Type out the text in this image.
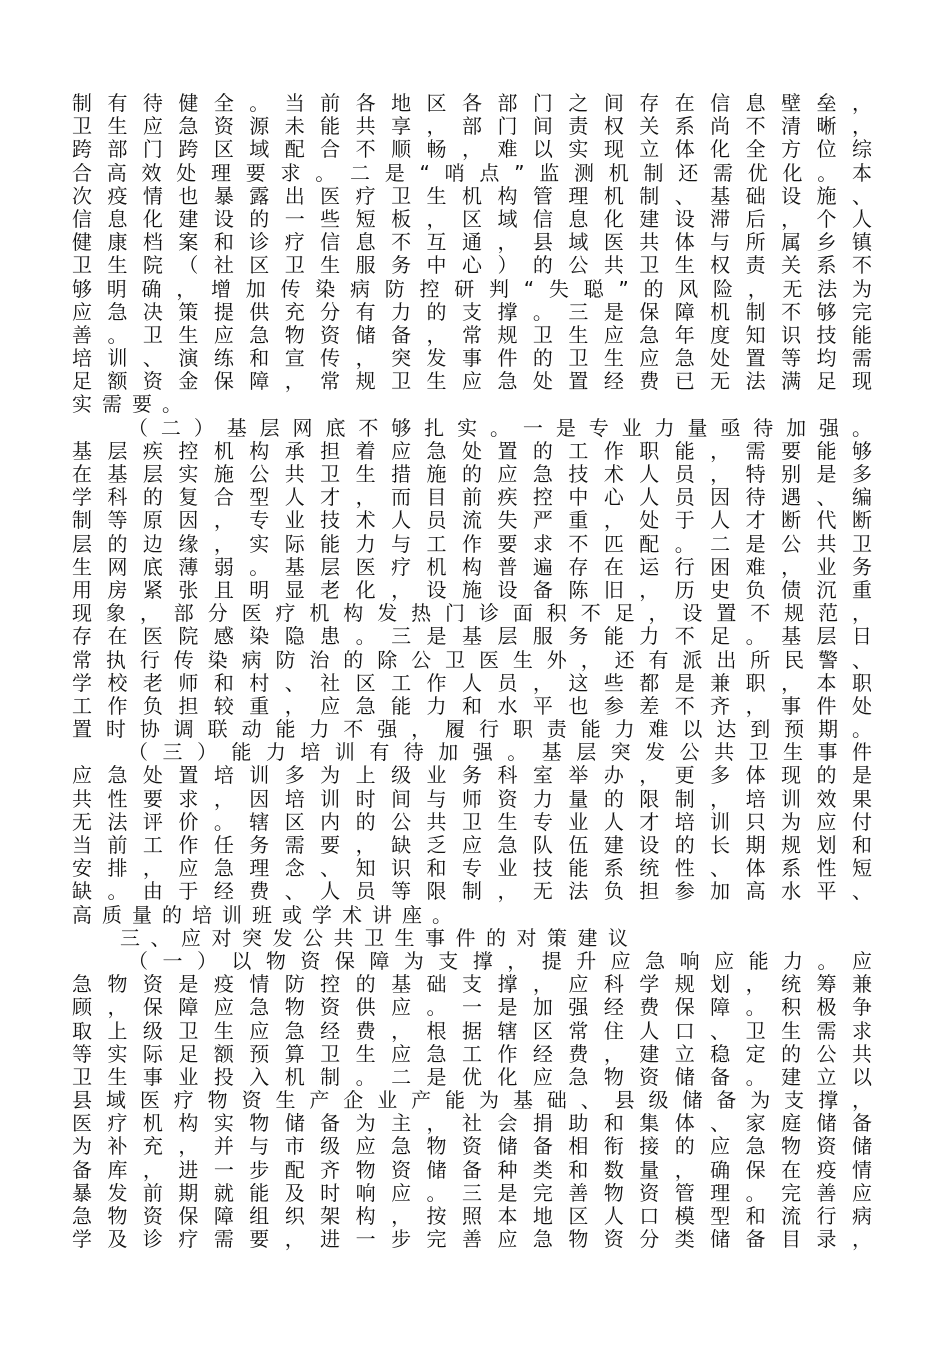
制有待健全。当前各地区各部门之间存在信息壁垒，
卫生应急资源未能共享，部门间责权关系尚不清晰，
跨部门跨区域配合不顺畅，难以实现立体化全方位综
合高效处理要求。二是“哨点”监测机制还需优化。本
次疫情也暴露出医疗卫生机构管理机制、基础设施、
信息化建设的一些短板，区域信息化建设滞后，个人
健康档案和诊疗信息不互通，县域医共体与所属乡镇
卫生院（社区卫生服务中心）的公共卫生权责关系不
够明确，增加传染病防控研判“失聪”的风险，无法为
应急决策提供充分有力的支撑。三是保障机制不够完
善。卫生应急物资储备，常规卫生应急年度知识技能
培训、演练和宣传，突发事件的卫生应急处置等均需
足额资金保障，常规卫生应急处置经费已无法满足现
实需要。
（二）基层网底不够扎实。一是专业力量亟待加强。
基层疾控机构承担着应急处置的工作职能，需要能够
在基层实施公共卫生措施的应急技术人员，特别是多
学科的复合型人才，而目前疾控中心人员因待遇、编
制等原因，专业技术人员流失严重，处于人才断代断
层的边缘，实际能力与工作要求不匹配。二是公共卫
生网底薄弱。基层医疗机构普遍存在运行困难，业务
用房紧张且明显老化，设施设备陈旧，历史负债沉重
现象，部分医疗机构发热门诊面积不足，设置不规范，
存在医院感染隐患。三是基层服务能力不足。基层日
常执行传染病防治的除公卫医生外，还有派出所民警、
学校老师和村、社区工作人员，这些都是兼职，本职
工作负担较重，应急能力和水平也参差不齐，事件处
置时协调联动能力不强，履行职责能力难以达到预期。
（三）能力培训有待加强。基层突发公共卫生事件
应急处置培训多为上级业务科室举办，更多体现的是
共性要求，因培训时间与师资力量的限制，培训效果
无法评价。辖区内的公共卫生专业人才培训只为应付
当前工作任务需要，缺乏应急队伍建设的长期规划和
安排，应急理念、知识和专业技能系统性、体系性短
缺。由于经费、人员等限制，无法负担参加高水平、
高质量的培训班或学术讲座。
三、应对突发公共卫生事件的对策建议
（一）以物资保障为支撑，提升应急响应能力。应
急物资是疫情防控的基础支撑，应科学规划，统筹兼
顾，保障应急物资供应。一是加强经费保障。积极争
取上级卫生应急经费，根据辖区常住人口、卫生需求
等实际足额预算卫生应急工作经费，建立稳定的公共
卫生事业投入机制。二是优化应急物资储备。建立以
县域医疗物资生产企业产能为基础、县级储备为支撑，
医疗机构实物储备为主，社会捐助和集体、家庭储备
为补充，并与市级应急物资储备相衔接的应急物资储
备库，进一步配齐物资储备种类和数量，确保在疫情
暴发前期就能及时响应。三是完善物资管理。完善应
急物资保障组织架构，按照本地区人口模型和流行病
学及诊疗需要，进一步完善应急物资分类储备目录，
